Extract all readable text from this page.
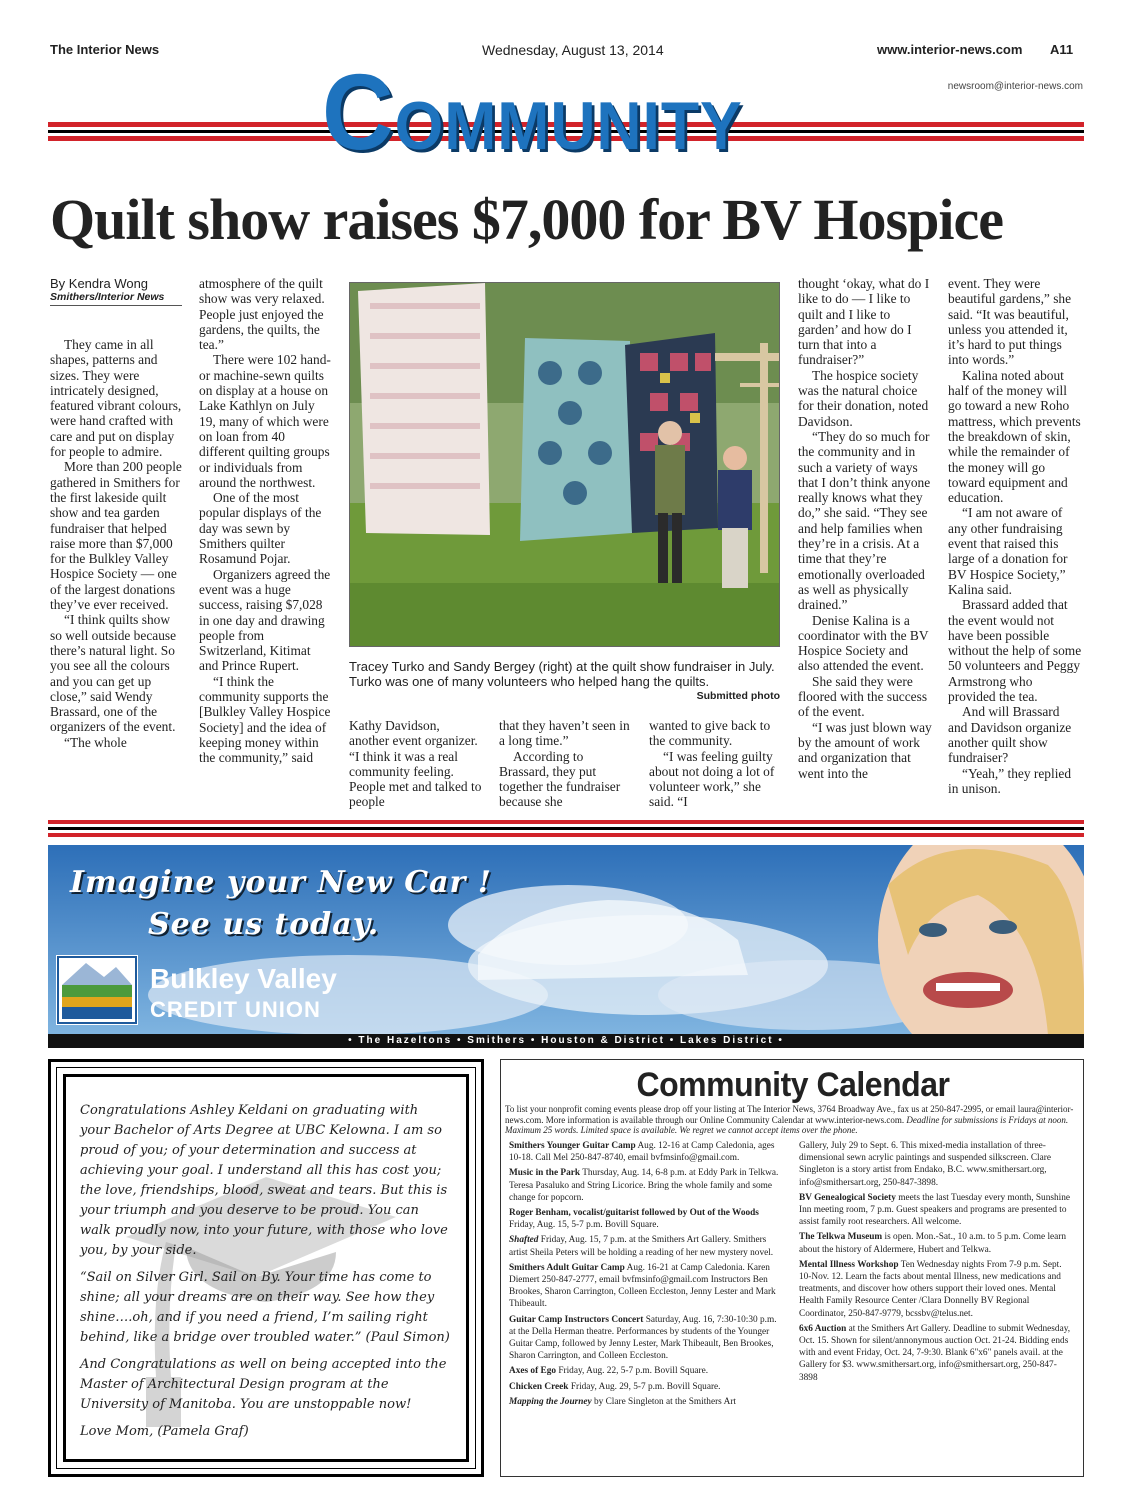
The Interior News	Wednesday, August 13, 2014	www.interior-news.com A11
newsroom@interior-news.com
COMMUNITY
Quilt show raises $7,000 for BV Hospice
By Kendra Wong
Smithers/Interior News

They came in all shapes, patterns and sizes. They were intricately designed, featured vibrant colours, were hand crafted with care and put on display for people to admire.

More than 200 people gathered in Smithers for the first lakeside quilt show and tea garden fundraiser that helped raise more than $7,000 for the Bulkley Valley Hospice Society — one of the largest donations they’ve ever received.

“I think quilts show so well outside because there’s natural light. So you see all the colours and you can get up close,” said Wendy Brassard, one of the organizers of the event.

“The whole

atmosphere of the quilt show was very relaxed. People just enjoyed the gardens, the quilts, the tea.”

There were 102 hand- or machine-sewn quilts on display at a house on Lake Kathlyn on July 19, many of which were on loan from 40 different quilting groups or individuals from around the northwest.

One of the most popular displays of the day was sewn by Smithers quilter Rosamund Pojar.

Organizers agreed the event was a huge success, raising $7,028 in one day and drawing people from Switzerland, Kitimat and Prince Rupert.

“I think the community supports the [Bulkley Valley Hospice Society] and the idea of keeping money within the community,” said

Tracey Turko and Sandy Bergey (right) at the quilt show fundraiser in July. Turko was one of many volunteers who helped hang the quilts.
Submitted photo

Kathy Davidson, another event organizer. “I think it was a real community feeling. People met and talked to people

that they haven’t seen in a long time.”

According to Brassard, they put together the fundraiser because she

wanted to give back to the community.

“I was feeling guilty about not doing a lot of volunteer work,” she said. “I

thought ‘okay, what do I like to do — I like to quilt and I like to garden’ and how do I turn that into a fundraiser?”

The hospice society was the natural choice for their donation, noted Davidson.

“They do so much for the community and in such a variety of ways that I don’t think anyone really knows what they do,” she said. “They see and help families when they’re in a crisis. At a time that they’re emotionally overloaded as well as physically drained.”

Denise Kalina is a coordinator with the BV Hospice Society and also attended the event.

She said they were floored with the success of the event.

“I was just blown way by the amount of work and organization that went into the

event. They were beautiful gardens,” she said. “It was beautiful, unless you attended it, it’s hard to put things into words.”

Kalina noted about half of the money will go toward a new Roho mattress, which prevents the breakdown of skin, while the remainder of the money will go toward equipment and education.

“I am not aware of any other fundraising event that raised this large of a donation for BV Hospice Society,” Kalina said.

Brassard added that the event would not have been possible without the help of some 50 volunteers and Peggy Armstrong who provided the tea.

And will Brassard and Davidson organize another quilt show fundraiser?

“Yeah,” they replied in unison.

Imagine your New Car !
See us today.
Bulkley Valley
CREDIT UNION
• The Hazeltons • Smithers • Houston & District • Lakes District •

Congratulations Ashley Keldani on graduating with your Bachelor of Arts Degree at UBC Kelowna. I am so proud of you; of your determination and success at achieving your goal. I understand all this has cost you; the love, friendships, blood, sweat and tears. But this is your triumph and you deserve to be proud. You can walk proudly now, into your future, with those who love you, by your side.

“Sail on Silver Girl. Sail on By. Your time has come to shine; all your dreams are on their way. See how they shine….oh, and if you need a friend, I’m sailing right behind, like a bridge over troubled water.” (Paul Simon)

And Congratulations as well on being accepted into the Master of Architectural Design program at the University of Manitoba. You are unstoppable now!

Love Mom, (Pamela Graf)

Community Calendar
To list your nonprofit coming events please drop off your listing at The Interior News, 3764 Broadway Ave., fax us at 250-847-2995, or email laura@interior-news.com. More information is available through our Online Community Calendar at www.interior-news.com. Deadline for submissions is Fridays at noon. Maximum 25 words. Limited space is available. We regret we cannot accept items over the phone.

Smithers Younger Guitar Camp Aug. 12-16 at Camp Caledonia, ages 10-18. Call Mel 250-847-8740, email bvfmsinfo@gmail.com.

Music in the Park Thursday, Aug. 14, 6-8 p.m. at Eddy Park in Telkwa. Teresa Pasaluko and String Licorice. Bring the whole family and some change for popcorn.

Roger Benham, vocalist/guitarist followed by Out of the Woods Friday, Aug. 15, 5-7 p.m. Bovill Square.

Shafted Friday, Aug. 15, 7 p.m. at the Smithers Art Gallery. Smithers artist Sheila Peters will be holding a reading of her new mystery novel.

Smithers Adult Guitar Camp Aug. 16-21 at Camp Caledonia. Karen Diemert 250-847-2777, email bvfmsinfo@gmail.com Instructors Ben Brookes, Sharon Carrington, Colleen Eccleston, Jenny Lester and Mark Thibeault.

Guitar Camp Instructors Concert Saturday, Aug. 16, 7:30-10:30 p.m. at the Della Herman theatre. Performances by students of the Younger Guitar Camp, followed by Jenny Lester, Mark Thibeault, Ben Brookes, Sharon Carrington, and Colleen Eccleston.

Axes of Ego Friday, Aug. 22, 5-7 p.m. Bovill Square.

Chicken Creek Friday, Aug. 29, 5-7 p.m. Bovill Square.

Mapping the Journey by Clare Singleton at the Smithers Art

Gallery, July 29 to Sept. 6. This mixed-media installation of three-dimensional sewn acrylic paintings and suspended silkscreen. Clare Singleton is a story artist from Endako, B.C. www.smithersart.org, info@smithersart.org, 250-847-3898.

BV Genealogical Society meets the last Tuesday every month, Sunshine Inn meeting room, 7 p.m. Guest speakers and programs are presented to assist family root researchers. All welcome.

The Telkwa Museum is open. Mon.-Sat., 10 a.m. to 5 p.m. Come learn about the history of Aldermere, Hubert and Telkwa.

Mental Illness Workshop Ten Wednesday nights From 7-9 p.m. Sept. 10-Nov. 12. Learn the facts about mental Illness, new medications and treatments, and discover how others support their loved ones. Mental Health Family Resource Center /Clara Donnelly BV Regional Coordinator, 250-847-9779, bcssbv@telus.net.

6x6 Auction at the Smithers Art Gallery. Deadline to submit Wednesday, Oct. 15. Shown for silent/annonymous auction Oct. 21-24. Bidding ends with and event Friday, Oct. 24, 7-9:30. Blank 6"x6" panels avail. at the Gallery for $3. www.smithersart.org, info@smithersart.org, 250-847-3898
